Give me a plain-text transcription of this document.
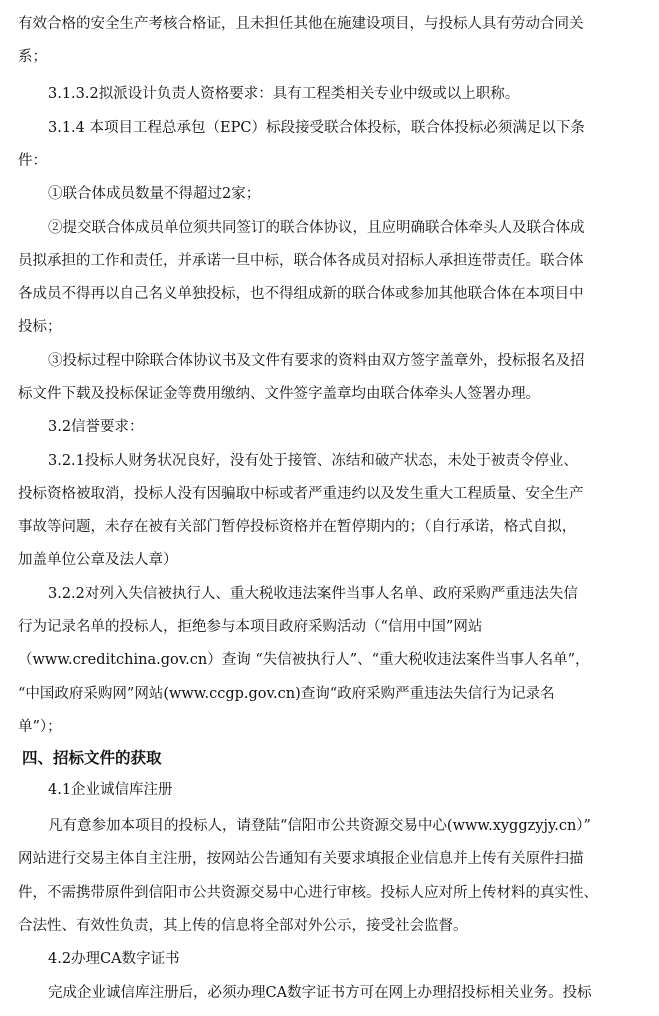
有效合格的安全生产考核合格证，且未担任其他在施建设项目，与投标人具有劳动合同关
系；
3.1.3.2拟派设计负责人资格要求：具有工程类相关专业中级或以上职称。
3.1.4 本项目工程总承包（EPC）标段接受联合体投标，联合体投标必须满足以下条
件：
①联合体成员数量不得超过2家；
②提交联合体成员单位须共同签订的联合体协议，且应明确联合体牵头人及联合体成
员拟承担的工作和责任，并承诺一旦中标，联合体各成员对招标人承担连带责任。联合体
各成员不得再以自己名义单独投标，也不得组成新的联合体或参加其他联合体在本项目中
投标；
③投标过程中除联合体协议书及文件有要求的资料由双方签字盖章外，投标报名及招
标文件下载及投标保证金等费用缴纳、文件签字盖章均由联合体牵头人签署办理。
3.2信誉要求：
3.2.1投标人财务状况良好，没有处于接管、冻结和破产状态，未处于被责令停业、
投标资格被取消，投标人没有因骗取中标或者严重违约以及发生重大工程质量、安全生产
事故等问题，未存在被有关部门暂停投标资格并在暂停期内的；（自行承诺，格式自拟，
加盖单位公章及法人章）
3.2.2对列入失信被执行人、重大税收违法案件当事人名单、政府采购严重违法失信
行为记录名单的投标人，拒绝参与本项目政府采购活动（“信用中国”网站
（www.creditchina.gov.cn）查询 “失信被执行人”、“重大税收违法案件当事人名单”，
“中国政府采购网”网站(www.ccgp.gov.cn)查询“政府采购严重违法失信行为记录名
单”）；
四、招标文件的获取
4.1企业诚信库注册
凡有意参加本项目的投标人，请登陆“信阳市公共资源交易中心(www.xyggzyjy.cn）”
网站进行交易主体自主注册，按网站公告通知有关要求填报企业信息并上传有关原件扫描
件，不需携带原件到信阳市公共资源交易中心进行审核。投标人应对所上传材料的真实性、
合法性、有效性负责，其上传的信息将全部对外公示，接受社会监督。
4.2办理CA数字证书
完成企业诚信库注册后，必须办理CA数字证书方可在网上办理招投标相关业务。投标
